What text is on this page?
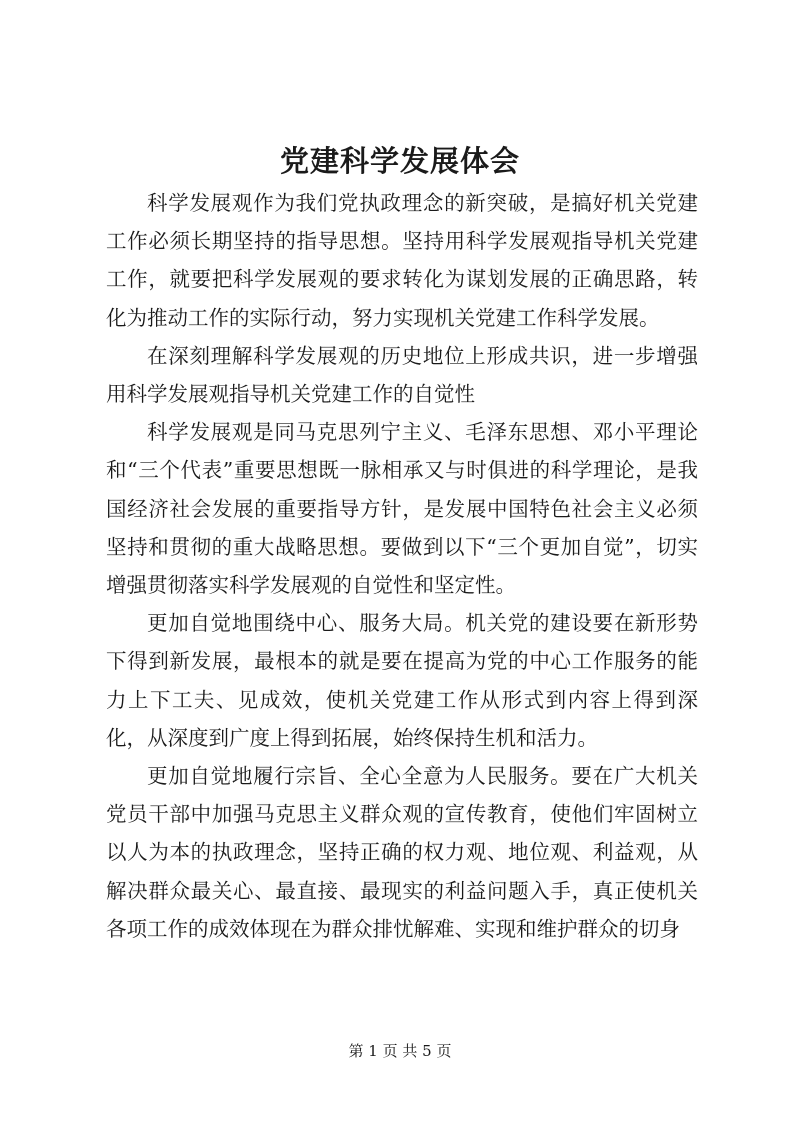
党建科学发展体会

科学发展观作为我们党执政理念的新突破，是搞好机关党建工作必须长期坚持的指导思想。坚持用科学发展观指导机关党建工作，就要把科学发展观的要求转化为谋划发展的正确思路，转化为推动工作的实际行动，努力实现机关党建工作科学发展。

在深刻理解科学发展观的历史地位上形成共识，进一步增强用科学发展观指导机关党建工作的自觉性

科学发展观是同马克思列宁主义、毛泽东思想、邓小平理论和“三个代表”重要思想既一脉相承又与时俱进的科学理论，是我国经济社会发展的重要指导方针，是发展中国特色社会主义必须坚持和贯彻的重大战略思想。要做到以下“三个更加自觉”，切实增强贯彻落实科学发展观的自觉性和坚定性。

更加自觉地围绕中心、服务大局。机关党的建设要在新形势下得到新发展，最根本的就是要在提高为党的中心工作服务的能力上下工夫、见成效，使机关党建工作从形式到内容上得到深化，从深度到广度上得到拓展，始终保持生机和活力。

更加自觉地履行宗旨、全心全意为人民服务。要在广大机关党员干部中加强马克思主义群众观的宣传教育，使他们牢固树立以人为本的执政理念，坚持正确的权力观、地位观、利益观，从解决群众最关心、最直接、最现实的利益问题入手，真正使机关各项工作的成效体现在为群众排忧解难、实现和维护群众的切身

第 1 页 共 5 页
